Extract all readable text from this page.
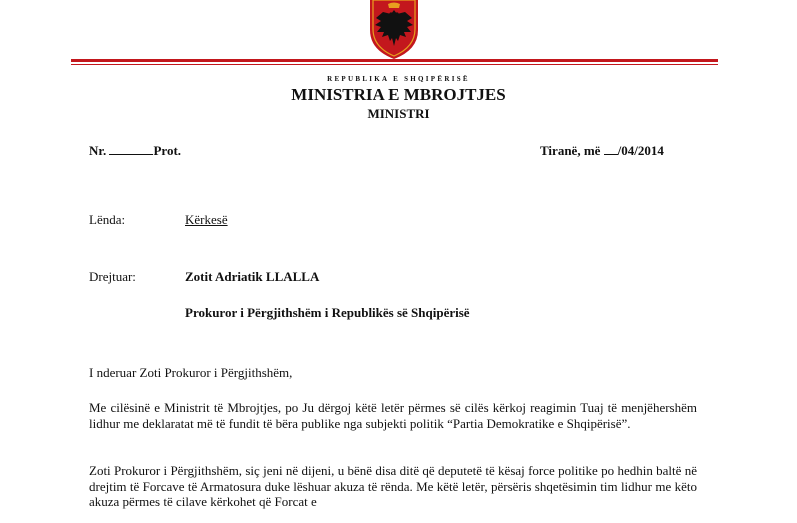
REPUBLIKA E SHQIPËRISË
MINISTRIA E MBROJTJES
MINISTRI
Nr.	Prot.	Tiranë, më /04/2014
Lënda:	Kërkesë
Drejtuar:	Zotit Adriatik LLALLA
Prokuror i Përgjithshëm i Republikës së Shqipërisë
I nderuar Zoti Prokuror i Përgjithshëm,
Me cilësinë e Ministrit të Mbrojtjes, po Ju dërgoj këtë letër përmes së cilës kërkoj reagimin Tuaj të menjëhershëm lidhur me deklaratat më të fundit të bëra publike nga subjekti politik “Partia Demokratike e Shqipërisë”.
Zoti Prokuror i Përgjithshëm, siç jeni në dijeni, u bënë disa ditë që deputetë të kësaj force politike po hedhin baltë në drejtim të Forcave të Armatosura duke lëshuar akuza të rënda. Me këtë letër, përsëris shqetësimin tim lidhur me këto akuza përmes të cilave kërkohet që Forcat e
